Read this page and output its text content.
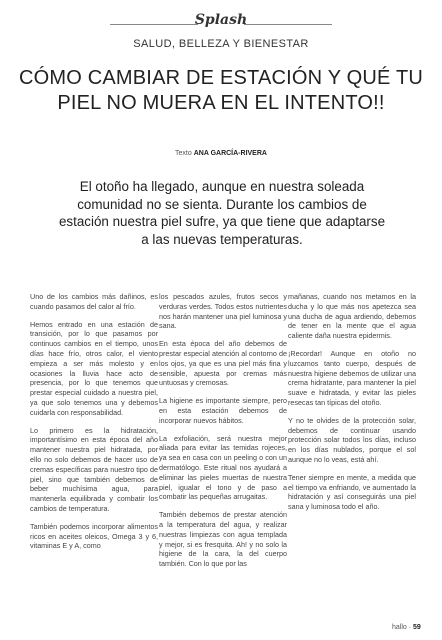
Splash
SALUD, BELLEZA Y BIENESTAR
CÓMO CAMBIAR DE ESTACIÓN Y QUÉ TU PIEL NO MUERA EN EL INTENTO!!
Texto ANA GARCÍA-RIVERA
El otoño ha llegado, aunque en nuestra soleada comunidad no se sienta. Durante los cambios de estación nuestra piel sufre, ya que tiene que adaptarse a las nuevas temperaturas.

Uno de los cambios más dañinos, es cuando pasamos del calor al frío.

Hemos entrado en una estación de transición, por lo que pasamos por continuos cambios en el tiempo, unos días hace frío, otros calor, el viento empieza a ser más molesto y en ocasiones la lluvia hace acto de presencia, por lo que tenemos que prestar especial cuidado a nuestra piel, ya que solo tenemos una y debemos cuidarla con responsabilidad.

Lo primero es la hidratación, importantísimo en esta época del año mantener nuestra piel hidratada, por ello no solo debemos de hacer uso de cremas específicas para nuestro tipo de piel, sino que también debemos de beber muchísima agua, para mantenerla equilibrada y combatir los cambios de temperatura.

También podemos incorporar alimentos ricos en aceites oleicos, Omega 3 y 6, vitaminas E y A, como

los pescados azules, frutos secos y verduras verdes. Todos estos nutrientes nos harán mantener una piel luminosa y sana.

En esta época del año debemos de prestar especial atención al contorno de los ojos, ya que es una piel más fina y sensible, apuesta por cremas más untuosas y cremosas.

La higiene es importante siempre, pero en esta estación debemos de incorporar nuevos hábitos.

La exfoliación, será nuestra mejor aliada para evitar las temidas rojeces, ya sea en casa con un peeling o con un dermatólogo. Este ritual nos ayudará a eliminar las pieles muertas de nuestra piel, igualar el tono y de paso a combatir las pequeñas arrugaitas.

También debemos de prestar atención a la temperatura del agua, y realizar nuestras limpiezas con agua templada y mejor, si es fresquita. Ah! y no solo la higiene de la cara, la del cuerpo también. Con lo que por las

mañanas, cuando nos metamos en la ducha y lo que más nos apetezca sea una ducha de agua ardiendo, debemos de tener en la mente que el agua caliente daña nuestra epidermis.

¡Recordar! Aunque en otoño no luzcamos tanto cuerpo, después de nuestra higiene debemos de utilizar una crema hidratante, para mantener la piel suave e hidratada, y evitar las pieles resecas tan típicas del otoño.

Y no te olvides de la protección solar, debemos de continuar usando protección solar todos los días, incluso en los días nublados, porque el sol aunque no lo veas, está ahí.

Tener siempre en mente, a medida que el tiempo va enfriando, ve aumentado la hidratación y así conseguirás una piel sana y luminosa todo el año.

hallo · 59
